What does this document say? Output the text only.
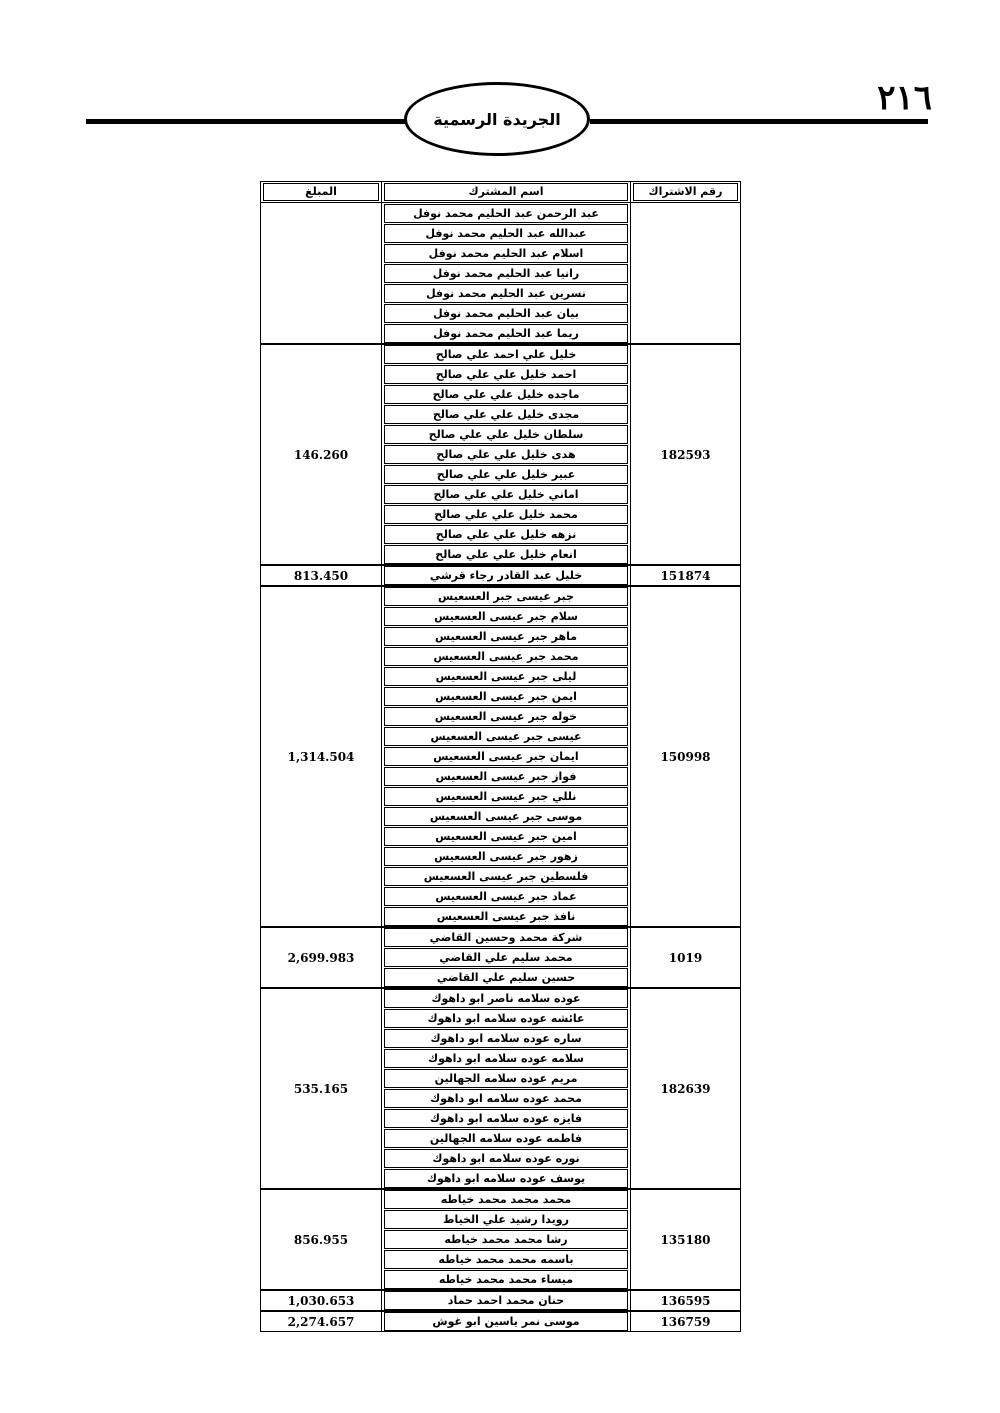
٢١٦
الجريدة الرسمية
المبلغ	اسم المشترك	رقم الاشتراك

	عبد الرحمن عبد الحليم محمد نوفل	

	عبدالله عبد الحليم محمد نوفل	

	اسلام عبد الحليم محمد نوفل	

	رانيا عبد الحليم محمد نوفل	

	نسرين عبد الحليم محمد نوفل	

	بيان عبد الحليم محمد نوفل	

	ريما عبد الحليم محمد نوفل	

146.260	خليل علي احمد علي صالح	182593

	احمد خليل علي علي صالح	

	ماجده خليل علي علي صالح	

	مجدى خليل علي علي صالح	

	سلطان خليل علي علي صالح	

	هدى خليل علي علي صالح	

	عبير خليل علي علي صالح	

	اماني خليل علي علي صالح	

	محمد خليل علي علي صالح	

	نزهه خليل علي علي صالح	

	انعام خليل علي علي صالح	

813.450	خليل عبد القادر رجاء قرشي	151874
1,314.504	جبر عيسى جبر العسعيس	150998

	سلام جبر عيسى العسعيس	

	ماهر جبر عيسى العسعيس	

	محمد جبر عيسى العسعيس	

	ليلى جبر عيسى العسعيس	

	ايمن جبر عيسى العسعيس	

	خوله جبر عيسى العسعيس	

	عيسى جبر عيسى العسعيس	

	ايمان جبر عيسى العسعيس	

	فواز جبر عيسى العسعيس	

	نللي جبر عيسى العسعيس	

	موسى جبر عيسى العسعيس	

	امين جبر عيسى العسعيس	

	زهور جبر عيسى العسعيس	

	فلسطين جبر عيسى العسعيس	

	عماد جبر عيسى العسعيس	

	نافذ جبر عيسى العسعيس	

2,699.983	شركة محمد وحسين القاضي	1019

	محمد سليم علي القاضي	

	حسين سليم علي القاضي	

535.165	عوده سلامه ناصر ابو داهوك	182639

	عائشه عوده سلامه ابو داهوك	

	ساره عوده سلامه ابو داهوك	

	سلامه عوده سلامه ابو داهوك	

	مريم عوده سلامه الجهالين	

	محمد عوده سلامه ابو داهوك	

	فايزه عوده سلامه ابو داهوك	

	فاطمه عوده سلامه الجهالين	

	نوره عوده سلامه ابو داهوك	

	يوسف عوده سلامه ابو داهوك	

856.955	محمد محمد محمد خياطه	135180

	رويدا رشيد علي الخياط	

	رشا محمد محمد خياطه	

	باسمه محمد محمد خياطه	

	ميساء محمد محمد خياطه	

1,030.653	حنان محمد احمد حماد	136595
2,274.657	موسى نمر ياسين ابو غوش	136759
